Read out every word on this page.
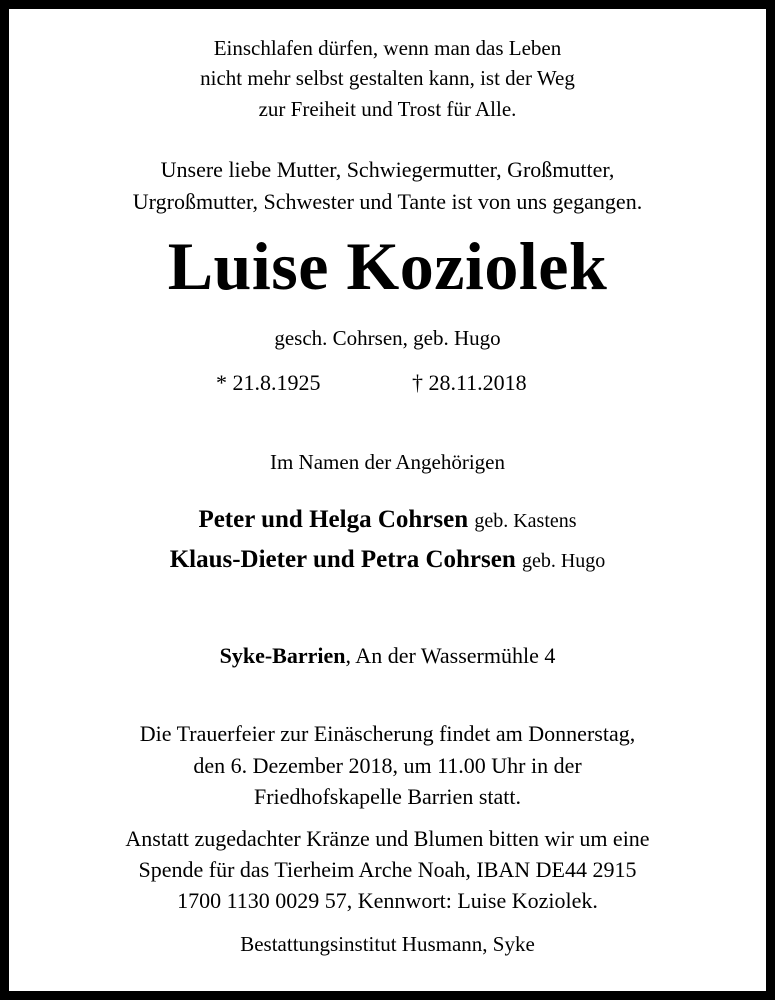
Einschlafen dürfen, wenn man das Leben
nicht mehr selbst gestalten kann, ist der Weg
zur Freiheit und Trost für Alle.
Unsere liebe Mutter, Schwiegermutter, Großmutter,
Urgroßmutter, Schwester und Tante ist von uns gegangen.
Luise Koziolek
gesch. Cohrsen, geb. Hugo
* 21.8.1925	† 28.11.2018
Im Namen der Angehörigen
Peter und Helga Cohrsen geb. Kastens
Klaus-Dieter und Petra Cohrsen geb. Hugo
Syke-Barrien, An der Wassermühle 4
Die Trauerfeier zur Einäscherung findet am Donnerstag,
den 6. Dezember 2018, um 11.00 Uhr in der
Friedhofskapelle Barrien statt.
Anstatt zugedachter Kränze und Blumen bitten wir um eine
Spende für das Tierheim Arche Noah, IBAN DE44 2915
1700 1130 0029 57, Kennwort: Luise Koziolek.
Bestattungsinstitut Husmann, Syke
